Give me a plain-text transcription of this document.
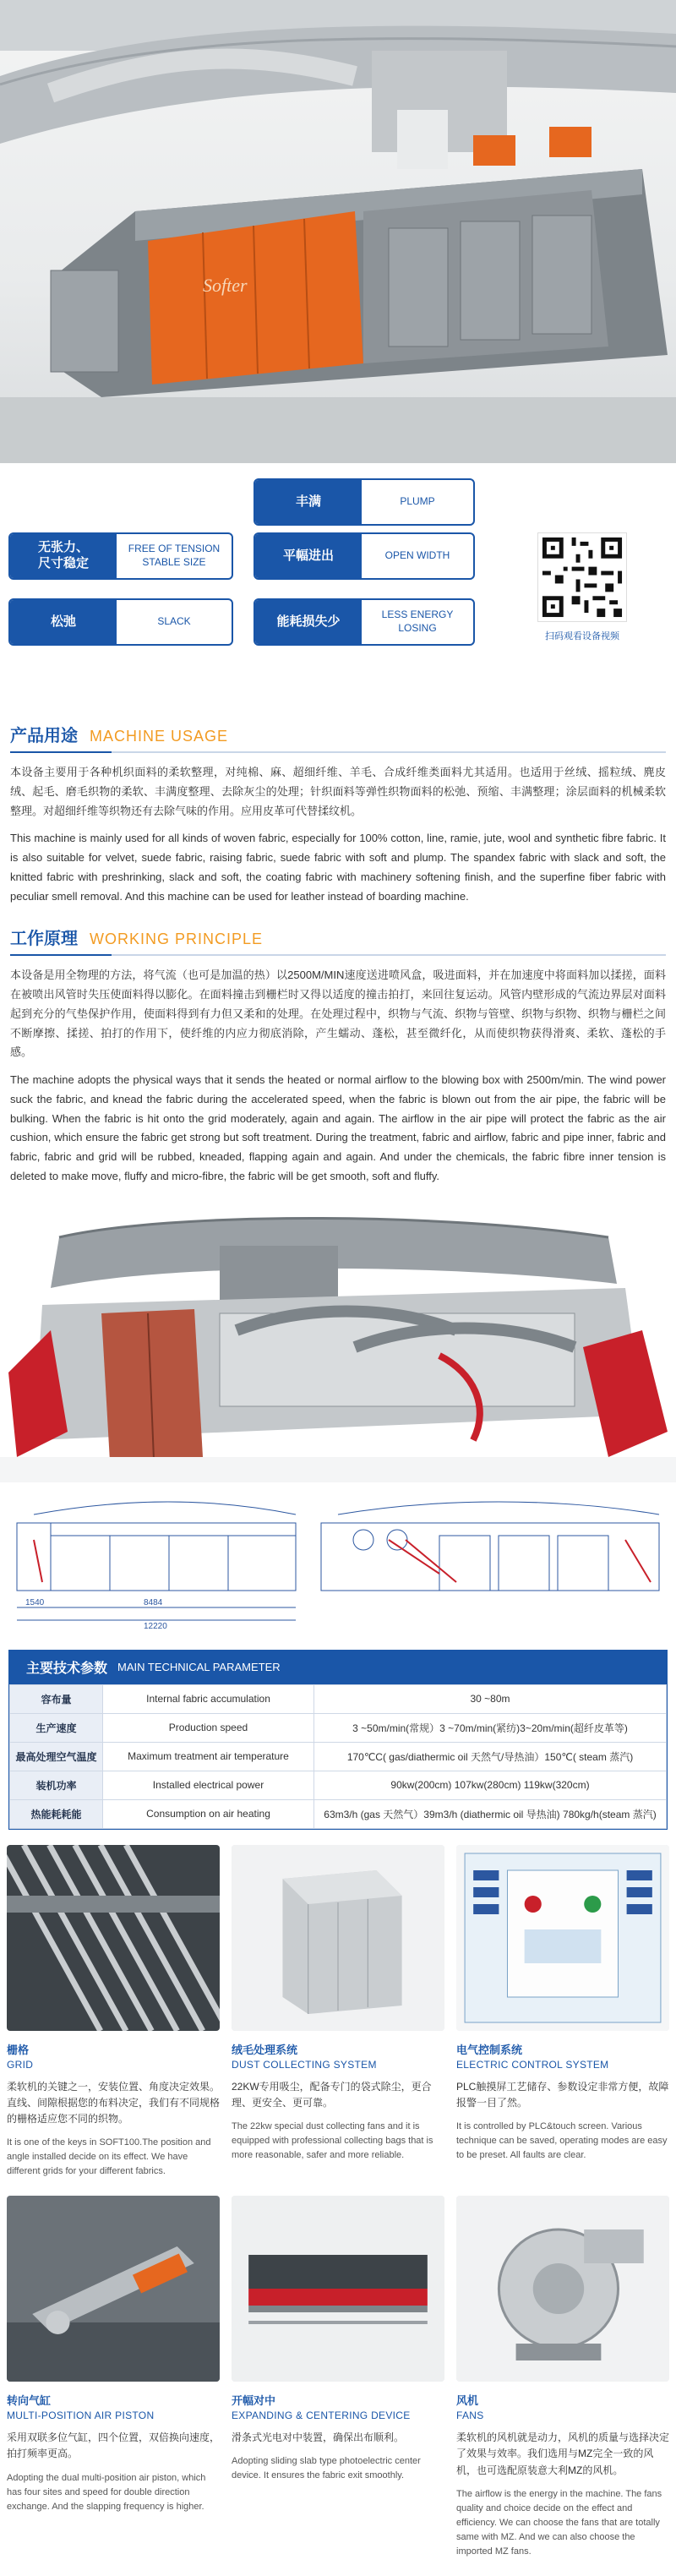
Softer
丰满	PLUMP
无张力、
尺寸稳定
FREE OF TENSION
STABLE SIZE	平幅进出	OPEN WIDTH
松弛	SLACK	能耗损失少	LESS ENERGY LOSING
扫码观看设备视频
产品用途 MACHINE USAGE

本设备主要用于各种机织面料的柔软整理，对纯棉、麻、超细纤维、羊毛、合成纤维类面料尤其适用。也适用于丝绒、摇粒绒、麂皮绒、起毛、磨毛织物的柔软、丰满度整理、去除灰尘的处理；针织面料等弹性织物面料的松弛、预缩、丰满整理；涂层面料的机械柔软整理。对超细纤维等织物还有去除气味的作用。应用皮革可代替揉纹机。

This machine is mainly used for all kinds of woven fabric, especially for 100% cotton, line, ramie, jute, wool and synthetic fibre fabric. It is also suitable for velvet, suede fabric, raising fabric, suede fabric with soft and plump. The spandex fabric with slack and soft, the knitted fabric with preshrinking, slack and soft, the coating fabric with machinery softening finish, and the superfine fiber fabric with peculiar smell removal. And this machine can be used for leather instead of boarding machine.

工作原理 WORKING PRINCIPLE

本设备是用全物理的方法，将气流（也可是加温的热）以2500M/MIN速度送进喷风盒，吸进面料，并在加速度中将面料加以揉搓，面料在被喷出风管时失压使面料得以膨化。在面料撞击到栅栏时又得以适度的撞击拍打，来回往复运动。风管内壁形成的气流边界层对面料起到充分的气垫保护作用，使面料得到有力但又柔和的处理。在处理过程中，织物与气流、织物与管壁、织物与织物、织物与栅栏之间不断摩擦、揉搓、拍打的作用下，使纤维的内应力彻底消除，产生蠕动、蓬松，甚至微纤化，从而使织物获得滑爽、柔软、蓬松的手感。

The machine adopts the physical ways that it sends the heated or normal airflow to the blowing box with 2500m/min. The wind power suck the fabric, and knead the fabric during the accelerated speed, when the fabric is blown out from the air pipe, the fabric will be bulking. When the fabric is hit onto the grid moderately, again and again. The airflow in the air pipe will protect the fabric as the air cushion, which ensure the fabric get strong but soft treatment. During the treatment, fabric and airflow, fabric and pipe inner, fabric and fabric, fabric and grid will be rubbed, kneaded, flapping again and again. And under the chemicals, the fabric fibre inner tension is deleted to make move, fluffy and micro-fibre, the fabric will be get smooth, soft and fluffy.

1540	8484
12220
主要技术参数 MAIN TECHNICAL PARAMETER
容布量	Internal fabric accumulation	30 ~80m
生产速度	Production speed	3 ~50m/min(常规）3 ~70m/min(紧纺)3~20m/min(超纤皮革等)
最高处理空气温度	Maximum treatment air temperature	170℃C( gas/diathermic oil 天然气/导热油）150℃( steam 蒸汽)
装机功率	Installed electrical power	90kw(200cm) 107kw(280cm) 119kw(320cm)
热能耗耗能	Consumption on air heating	63m3/h (gas 天然气）39m3/h (diathermic oil 导热油) 780kg/h(steam 蒸汽)
栅格
GRID
柔软机的关键之一，安装位置、角度决定效果。直线、间隙根据您的布料决定，我们有不同规格的栅格适应您不同的织物。
It is one of the keys in SOFT100.The position and angle installed decide on its effect. We have different grids for your different fabrics.
绒毛处理系统
DUST COLLECTING SYSTEM
22KW专用吸尘，配备专门的袋式除尘，更合理、更安全、更可靠。
The 22kw special dust collecting fans and it is equipped with professional collecting bags that is more reasonable, safer and more reliable.
电气控制系统
ELECTRIC CONTROL SYSTEM
PLC触摸屏工艺储存、参数设定非常方便，故障报警一目了然。
It is controlled by PLC&touch screen. Various technique can be saved, operating modes are easy to be preset. All faults are clear.
转向气缸
MULTI-POSITION AIR PISTON
采用双联多位气缸，四个位置，双倍换向速度，拍打频率更高。
Adopting the dual multi-position air piston, which has four sites and speed for double direction exchange. And the slapping frequency is higher.
开幅对中
EXPANDING & CENTERING DEVICE
滑条式光电对中装置，确保出布顺利。
Adopting sliding slab type photoelectric center device. It ensures the fabric exit smoothly.
风机
FANS
柔软机的风机就是动力，风机的质量与选择决定了效果与效率。我们选用与MZ完全一致的风机，也可选配原装意大利MZ的风机。
The airflow is the energy in the machine. The fans quality and choice decide on the effect and efficiency. We can choose the fans that are totally same with MZ. And we can also choose the imported MZ fans.
